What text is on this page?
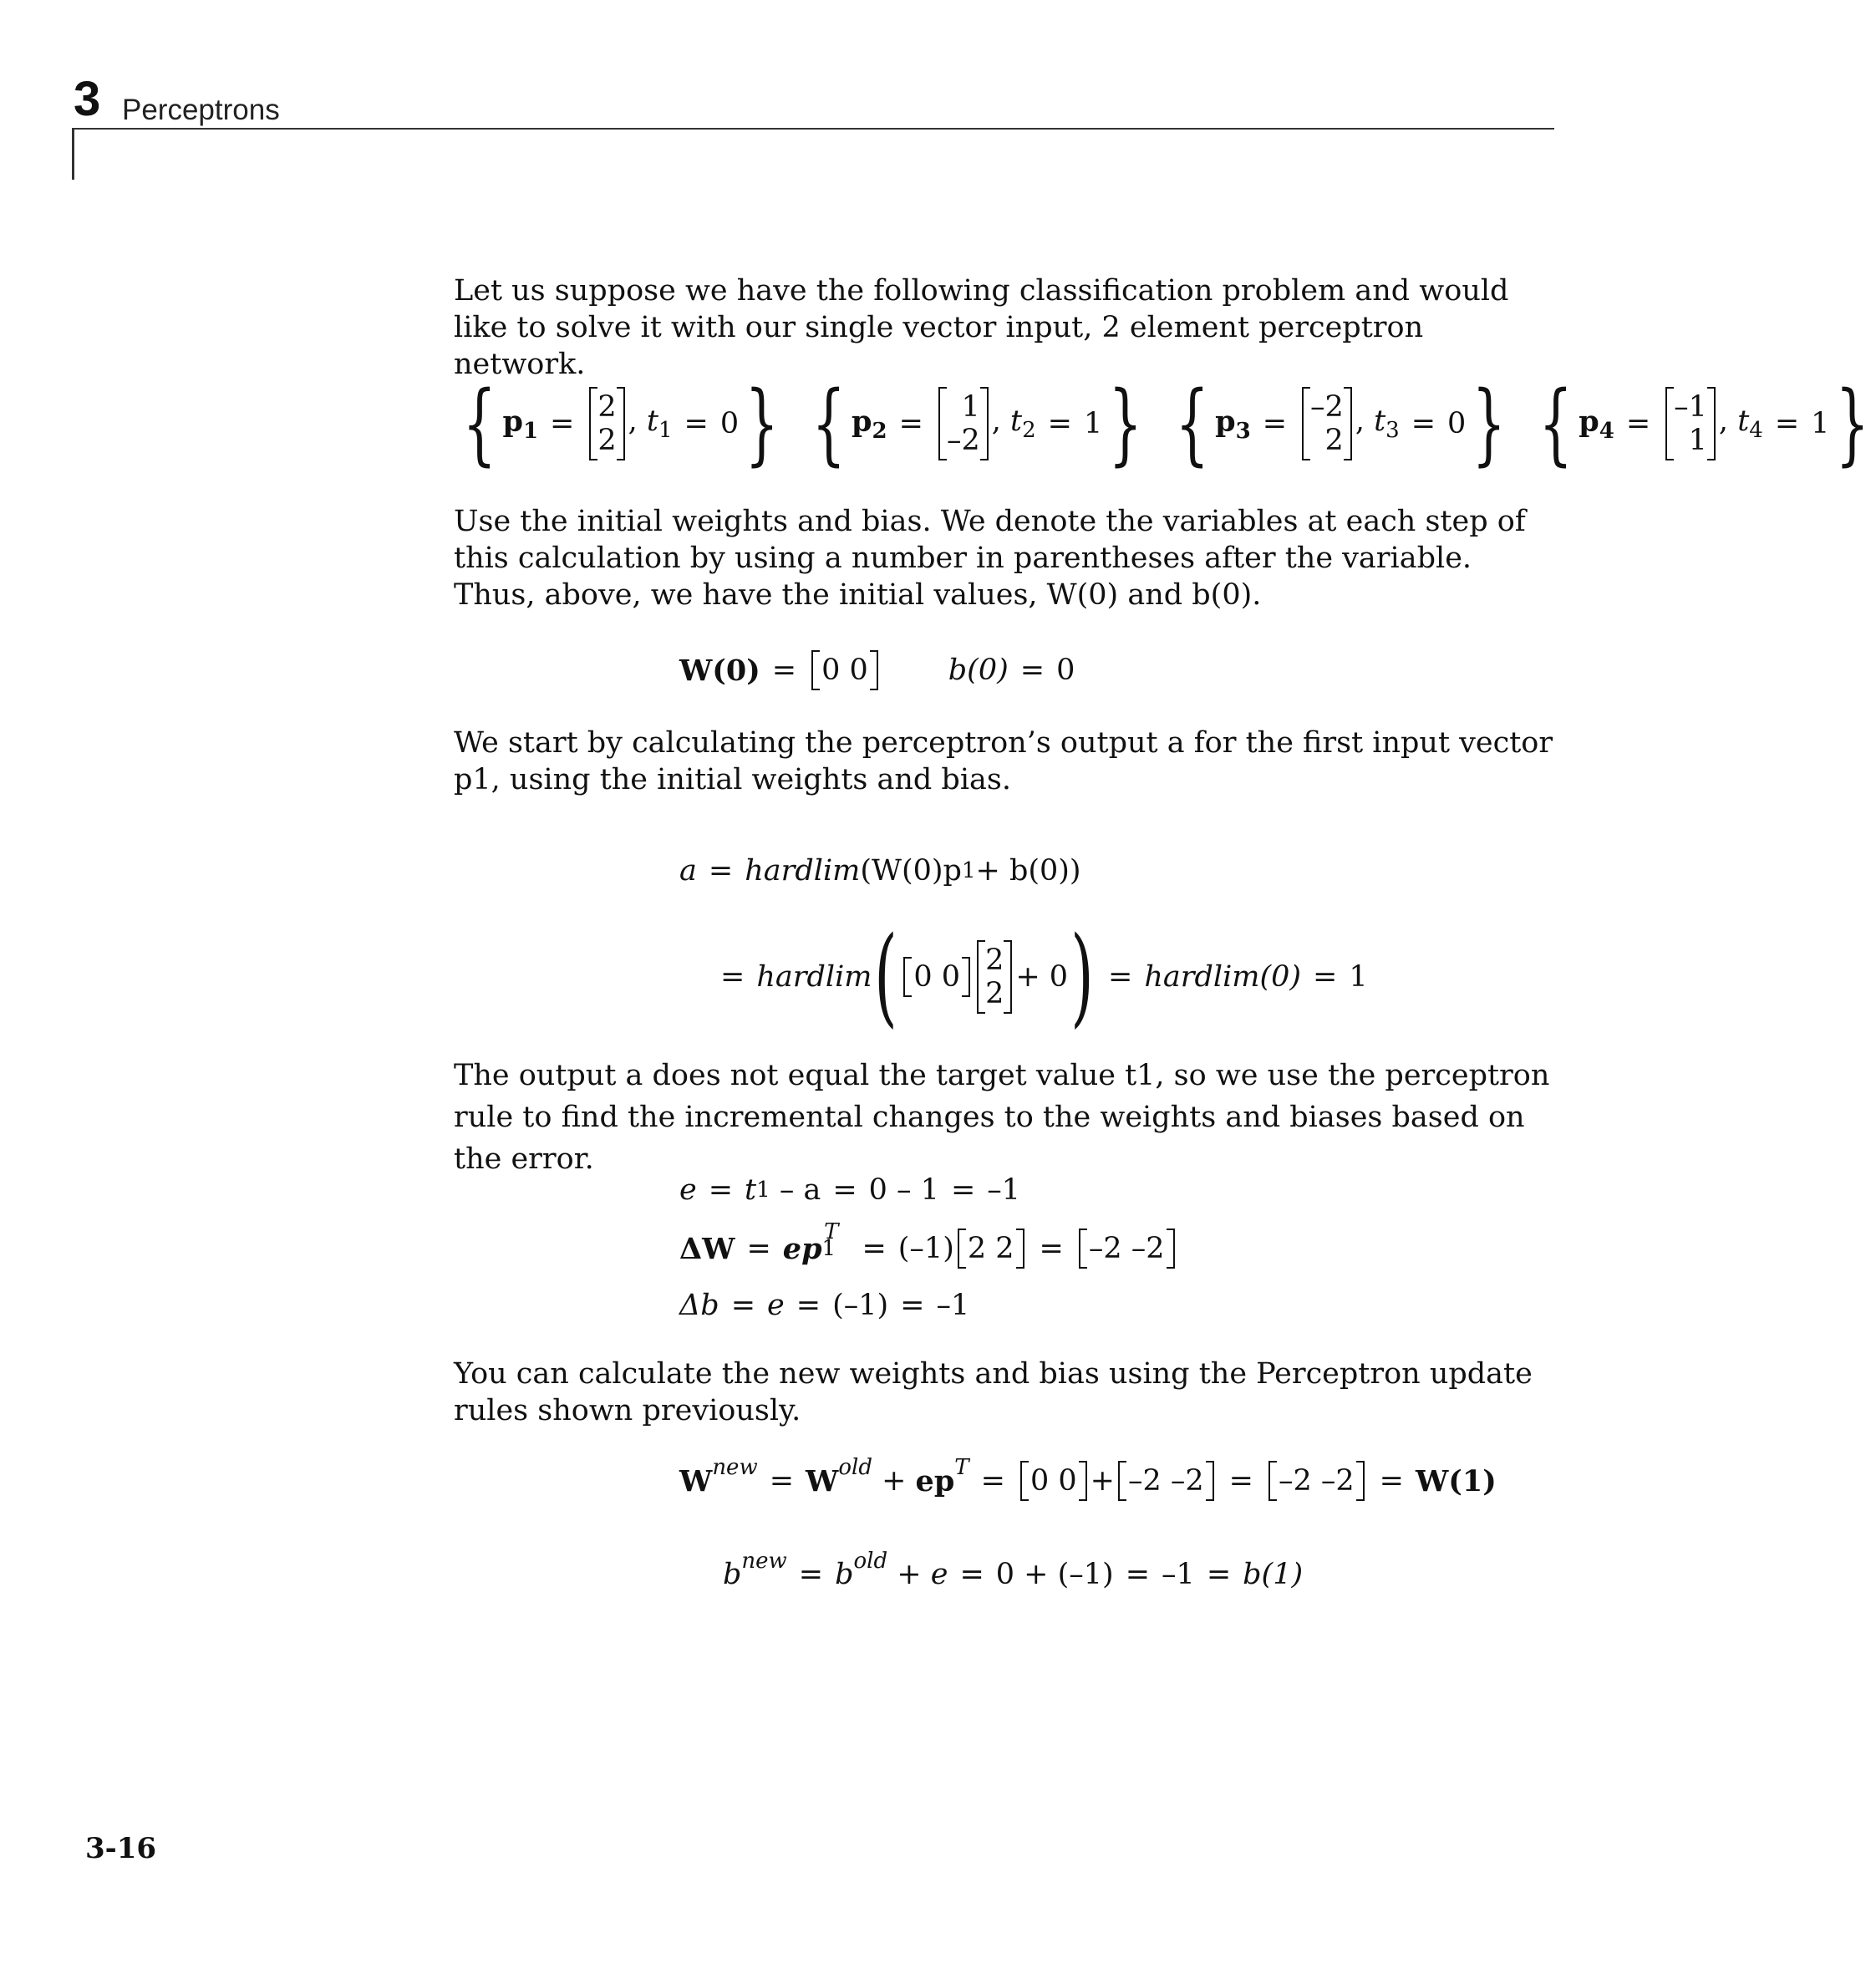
3 Perceptrons

Let us suppose we have the following classification problem and would like to solve it with our single vector input, 2 element perceptron network.

{ $p_1 = 2$
2
, $t_1 = 0$ } { $p_2$ =	1
–2
, $t_2 = 1$ } { $p_3 = -2$
2
, $t_3 = 0$ } { $p_4 = -1$
1
, $t_4 = 1$ }

Use the initial weights and bias. We denote the variables at each step of this calculation by using a number in parentheses after the variable. Thus, above, we have the initial values, W(0) and b(0).

W(0) = 0 0	b(0) = 0

We start by calculating the perceptron’s output a for the first input vector p1, using the initial weights and bias.

a = hardlim (W(0)p 1 + b(0))
= hardlim ( 0 0 2
2 + 0 ) = hardlim(0) = 1

The output a does not equal the target value t1, so we use the perceptron rule to find the incremental changes to the weights and biases based on the error.

e = t 1
– a = 0 – 1 = –1
ΔW = ep 1
$^T$ = (–1) 2 2 = –2 –2
Δb = e = (–1) = –1

You can calculate the new weights and bias using the Perceptron update rules shown previously.

$W^{new} = W^{old} + ep^T = 0$ 0 + –2 –2 = –2 –2 = W(1)
$b^{new} = b^{old} + e = 0 + (-1) = -1 = b(1)$
3-16
